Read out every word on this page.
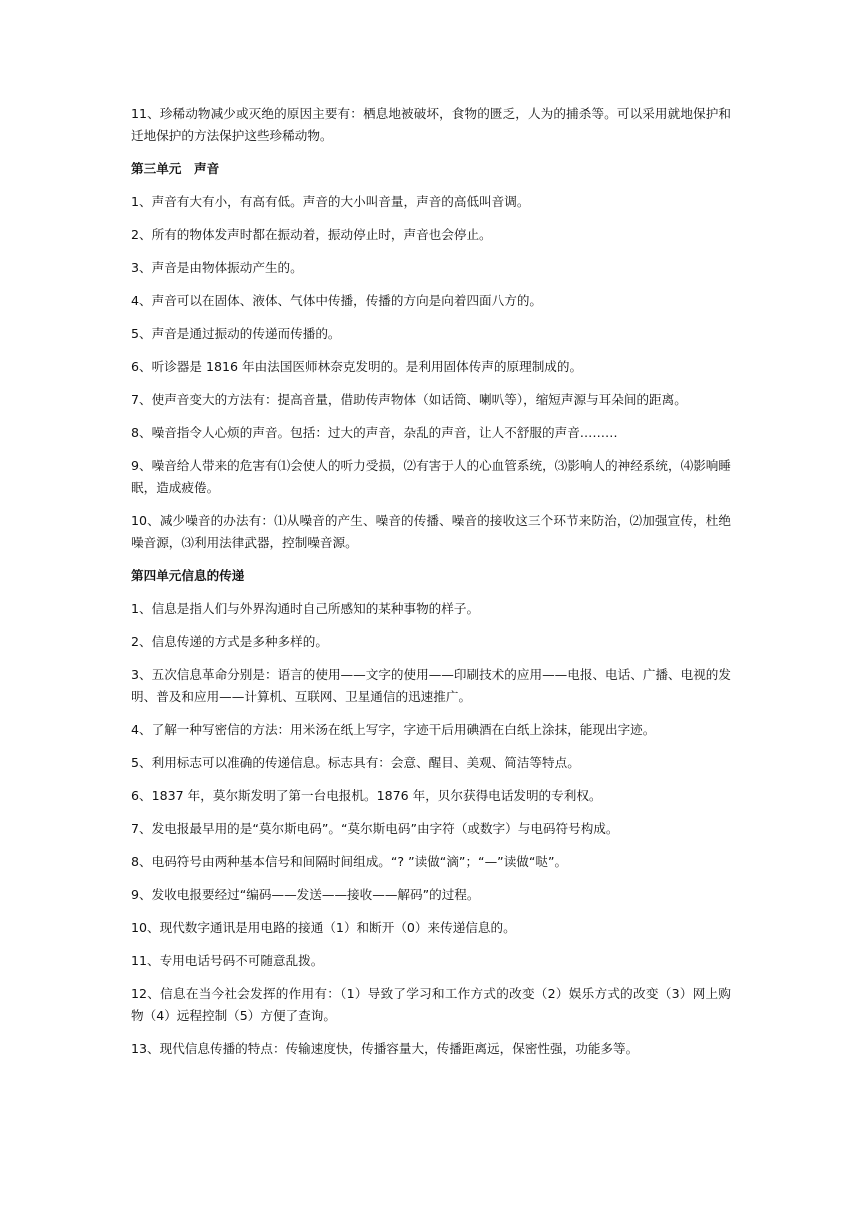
11、珍稀动物减少或灭绝的原因主要有：栖息地被破坏，食物的匮乏，人为的捕杀等。可以采用就地保护和迁地保护的方法保护这些珍稀动物。

第三单元　声音

1、声音有大有小，有高有低。声音的大小叫音量，声音的高低叫音调。

2、所有的物体发声时都在振动着，振动停止时，声音也会停止。

3、声音是由物体振动产生的。

4、声音可以在固体、液体、气体中传播，传播的方向是向着四面八方的。

5、声音是通过振动的传递而传播的。

6、听诊器是 1816 年由法国医师林奈克发明的。是利用固体传声的原理制成的。

7、使声音变大的方法有：提高音量，借助传声物体（如话筒、喇叭等），缩短声源与耳朵间的距离。

8、噪音指令人心烦的声音。包括：过大的声音，杂乱的声音，让人不舒服的声音………

9、噪音给人带来的危害有⑴会使人的听力受损，⑵有害于人的心血管系统，⑶影响人的神经系统，⑷影响睡眠，造成疲倦。

10、减少噪音的办法有：⑴从噪音的产生、噪音的传播、噪音的接收这三个环节来防治，⑵加强宣传，杜绝噪音源，⑶利用法律武器，控制噪音源。

第四单元信息的传递

1、信息是指人们与外界沟通时自己所感知的某种事物的样子。

2、信息传递的方式是多种多样的。

3、五次信息革命分别是：语言的使用——文字的使用——印刷技术的应用——电报、电话、广播、电视的发明、普及和应用——计算机、互联网、卫星通信的迅速推广。

4、了解一种写密信的方法：用米汤在纸上写字，字迹干后用碘酒在白纸上涂抹，能现出字迹。

5、利用标志可以准确的传递信息。标志具有：会意、醒目、美观、简洁等特点。

6、1837 年，莫尔斯发明了第一台电报机。1876 年，贝尔获得电话发明的专利权。

7、发电报最早用的是“莫尔斯电码”。“莫尔斯电码”由字符（或数字）与电码符号构成。

8、电码符号由两种基本信号和间隔时间组成。“? ”读做“滴”；“—”读做“哒”。

9、发收电报要经过“编码——发送——接收——解码”的过程。

10、现代数字通讯是用电路的接通（1）和断开（0）来传递信息的。

11、专用电话号码不可随意乱拨。

12、信息在当今社会发挥的作用有：（1）导致了学习和工作方式的改变（2）娱乐方式的改变（3）网上购物（4）远程控制（5）方便了查询。

13、现代信息传播的特点：传输速度快，传播容量大，传播距离远，保密性强，功能多等。
